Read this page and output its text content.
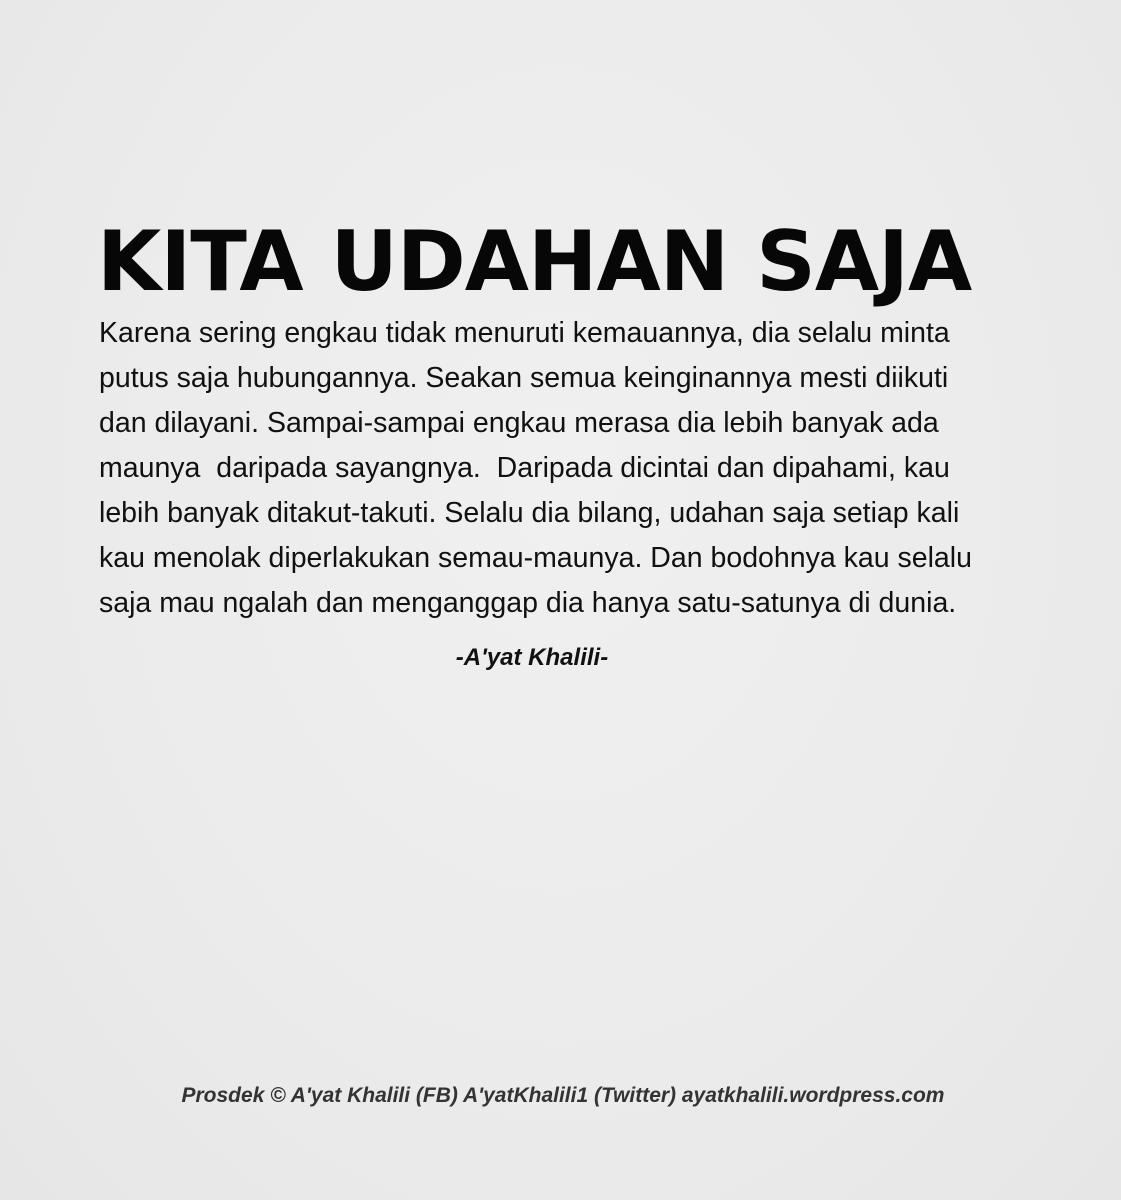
KITA UDAHAN SAJA
Karena sering engkau tidak menuruti kemauannya, dia selalu minta
putus saja hubungannya. Seakan semua keinginannya mesti diikuti
dan dilayani. Sampai-sampai engkau merasa dia lebih banyak ada
maunya  daripada sayangnya.  Daripada dicintai dan dipahami, kau
lebih banyak ditakut-takuti. Selalu dia bilang, udahan saja setiap kali
kau menolak diperlakukan semau-maunya. Dan bodohnya kau selalu
saja mau ngalah dan menganggap dia hanya satu-satunya di dunia.
-A'yat Khalili-
Prosdek © A'yat Khalili (FB) A'yatKhalili1 (Twitter) ayatkhalili.wordpress.com
